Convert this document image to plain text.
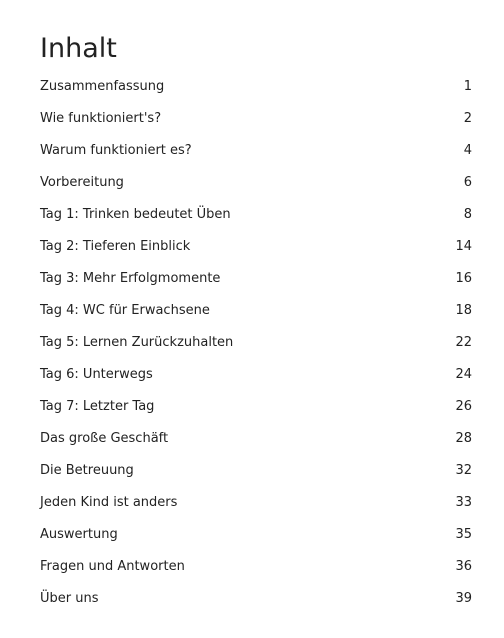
Inhalt
Zusammenfassung	1
Wie funktioniert's?	2
Warum funktioniert es?	4
Vorbereitung	6
Tag 1: Trinken bedeutet Üben	8
Tag 2: Tieferen Einblick	14
Tag 3: Mehr Erfolgmomente	16
Tag 4: WC für Erwachsene	18
Tag 5: Lernen Zurückzuhalten	22
Tag 6: Unterwegs	24
Tag 7: Letzter Tag	26
Das große Geschäft	28
Die Betreuung	32
Jeden Kind ist anders	33
Auswertung	35
Fragen und Antworten	36
Über uns	39
